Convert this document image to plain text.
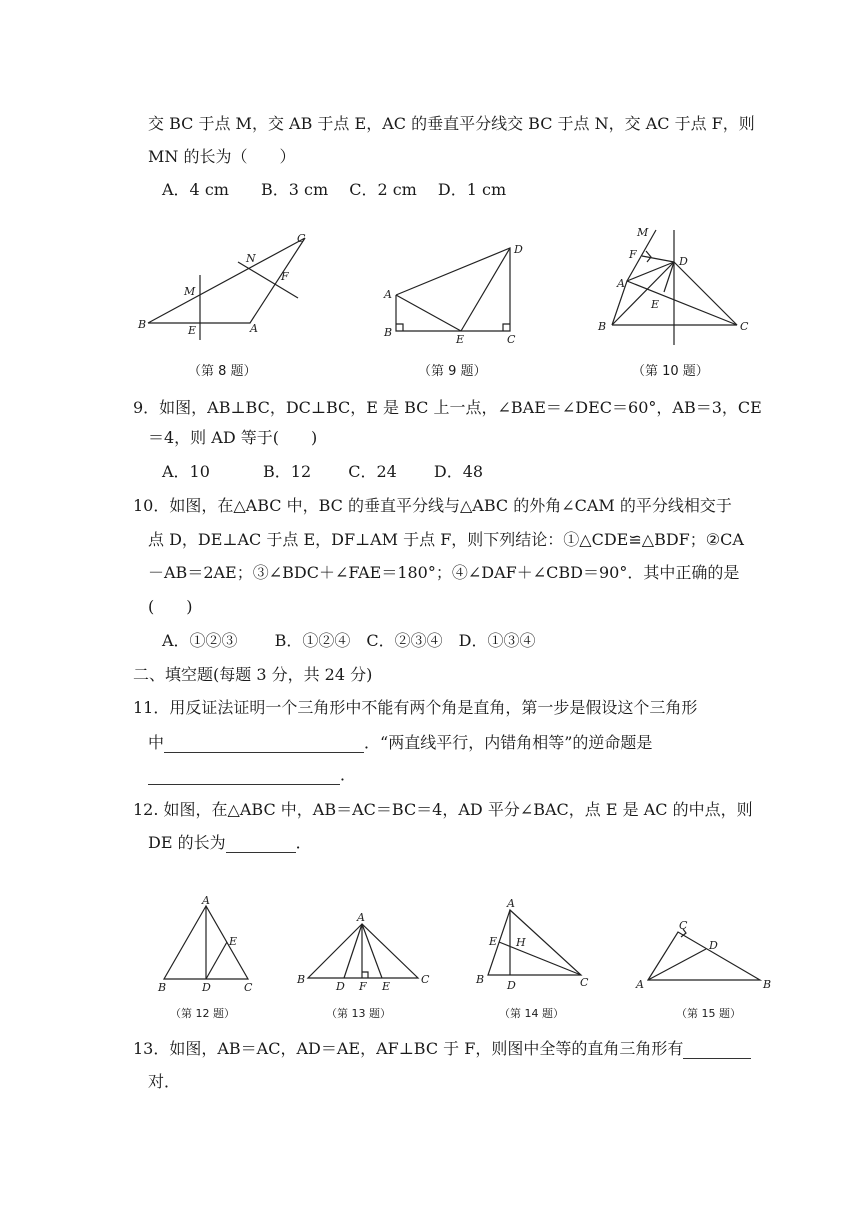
交 BC 于点 M，交 AB 于点 E，AC 的垂直平分线交 BC 于点 N，交 AC 于点 F，则
MN 的长为（　　）
A．4 cm　　B．3 cm　 C．2 cm　 D．1 cm
C
N
F
M
B	E	A
（第 8 题）
D
A
B
E	C
（第 9 题）
M
F
D
A
E
B	C
（第 10 题）
9．如图，AB⊥BC，DC⊥BC，E 是 BC 上一点，∠BAE＝∠DEC＝60°，AB＝3，CE
＝4，则 AD 等于(　　)
A．10　　　 B．12　　 C．24　　 D．48
10．如图，在△ABC 中，BC 的垂直平分线与△ABC 的外角∠CAM 的平分线相交于
点 D，DE⊥AC 于点 E，DF⊥AM 于点 F，则下列结论：①△CDE≌△BDF；②CA
－AB＝2AE；③∠BDC＋∠FAE＝180°；④∠DAF＋∠CBD＝90°．其中正确的是
(　　)
A．①②③　　 B．①②④　C．②③④　D．①③④
二、填空题(每题 3 分，共 24 分)
11．用反证法证明一个三角形中不能有两个角是直角，第一步是假设这个三角形
中	．“两直线平行，内错角相等”的逆命题是
．
12. 如图，在△ABC 中，AB＝AC＝BC＝4，AD 平分∠BAC，点 E 是 AC 的中点，则
DE 的长为	．
A
E
B	D	C
（第 12 题）
A
B
D F E
C
（第 13 题）
A
E H
B D	C
（第 14 题）
C
D
A	B
（第 15 题）
13．如图，AB＝AC，AD＝AE，AF⊥BC 于 F，则图中全等的直角三角形有
对．
